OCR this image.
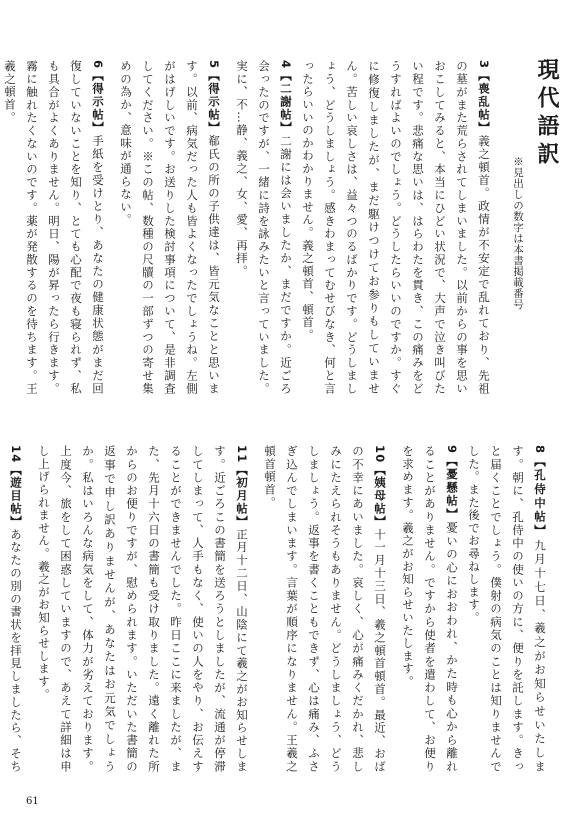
現代語訳
※見出しの数字は本書掲載番号

3【喪乱帖】義之頓首。政情が不安定で乱れており、先祖の墓がまた荒らされてしまいました。以前からの事を思いおこしてみると、本当にひどい状況で、大声で泣き叫びたい程です。悲痛な思いは、はらわたを貫き、この痛みをどうすればよいのでしょう。どうしたらいいのですか。すぐに修復しましたが、まだ駆けつけてお参りもしていません。苦しい哀しさは、益々つのるばかりです。どうしましょう、どうしましょう。感きわまってむせびなき、何と言ったらいいのかわかりません。義之頓首、頓首。

4【二謝帖】二謝には会いましたか、まだですか。近ごろ会ったのですが、一緒に詩を詠みたいと言っていました。実に、不…静、義之、女、愛、再拝。

5【得示帖】郗氏の所の子供達は、皆元気なことと思います。以前、病気だった人も皆よくなったでしょうね。左側がはげしいです。お送りした検討事項について、是非調査してください。※この帖、数種の尺牘の一部ずつの寄せ集めの為か、意味が通らない。

6【得示帖】手紙を受けとり、あなたの健康状態がまだ回復していないことを知り、とても心配で夜も寝られず、私も具合がよくありません。明日、陽が昇ったら行きます。霧に触れたくないのです。薬が発散するのを待ちます。王羲之頓首。

8【孔侍中帖】九月十七日、羲之がお知らせいたします。朝に、孔侍中の使いの方に、便りを託します。きっと届くことでしょう。僕射の病気のことは知りませんでした。また後でお尋ねします。

9【憂懸帖】憂いの心におおわれ、かた時も心から離れることがありません。ですから使者を遣わして、お便りを求めます。羲之がお知らせいたします。

10【姨母帖】十一月十三日、羲之頓首頓首。最近、おばの不幸にあいました。哀しく、心が痛みくだかれ、悲しみにたえられそうもありません。どうしましょう、どうしましょう。返事を書くこともできず、心は痛み、ふさぎ込んでしまいます。言葉が順序になりません。王羲之頓首頓首。

11【初月帖】正月十二日、山陰にて羲之がお知らせします。近ごろこの書簡を送ろうとしましたが、流通が停滞してしまって、人手もなく、使いの人をやり、お伝えすることができませんでした。昨日ここに来ましたが、また、先月十六日の書簡も受け取りました。遠く離れた所からのお便りですが、慰められます。いただいた書簡の返事で申し訳ありませんが、あなたはお元気でしょうか。私はいろんな病気をして、体力が劣えております。上度今、旅をして困惑していますので、あえて詳細は申し上げられません。羲之がお知らせします。

14【遊目帖】あなたの別の書状を拝見しましたら、そち

61
